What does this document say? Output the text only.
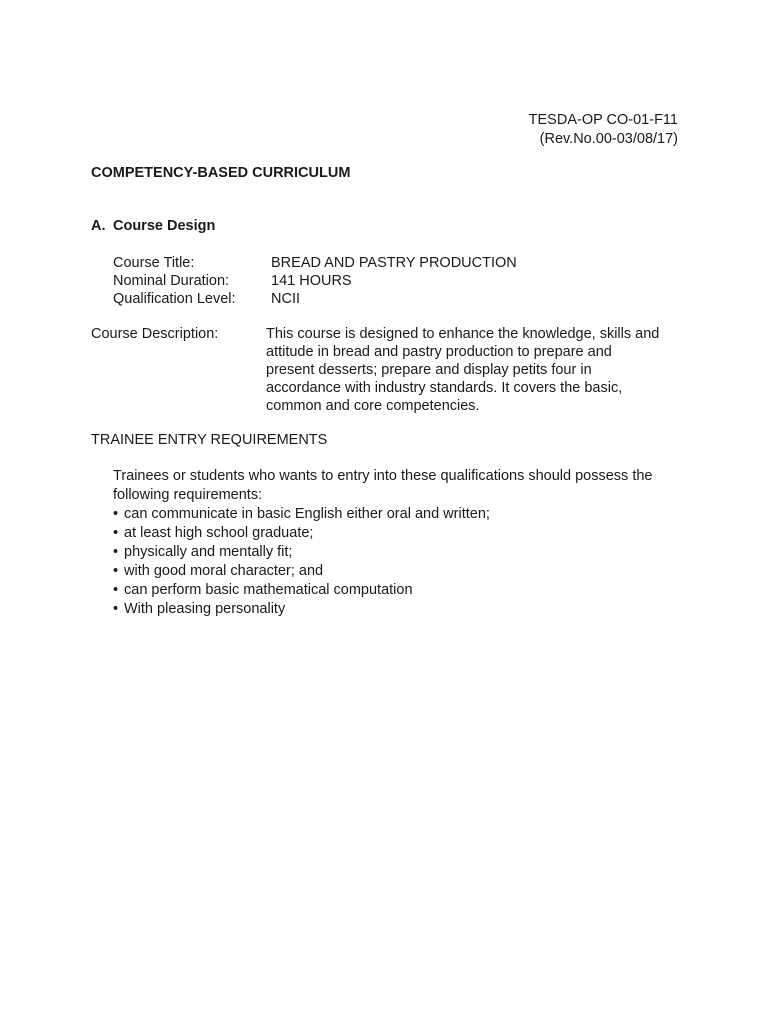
TESDA-OP CO-01-F11
(Rev.No.00-03/08/17)
COMPETENCY-BASED CURRICULUM
A. Course Design
Course Title:	BREAD AND PASTRY PRODUCTION
Nominal Duration:	141 HOURS
Qualification Level:	NCII
Course Description:	This course is designed to enhance the knowledge, skills and
attitude in bread and pastry production to prepare and
present desserts; prepare and display petits four in
accordance with industry standards. It covers the basic,
common and core competencies.
TRAINEE ENTRY REQUIREMENTS
Trainees or students who wants to entry into these qualifications should possess the
following requirements:
• can communicate in basic English either oral and written;
• at least high school graduate;
• physically and mentally fit;
• with good moral character; and
• can perform basic mathematical computation
• With pleasing personality
